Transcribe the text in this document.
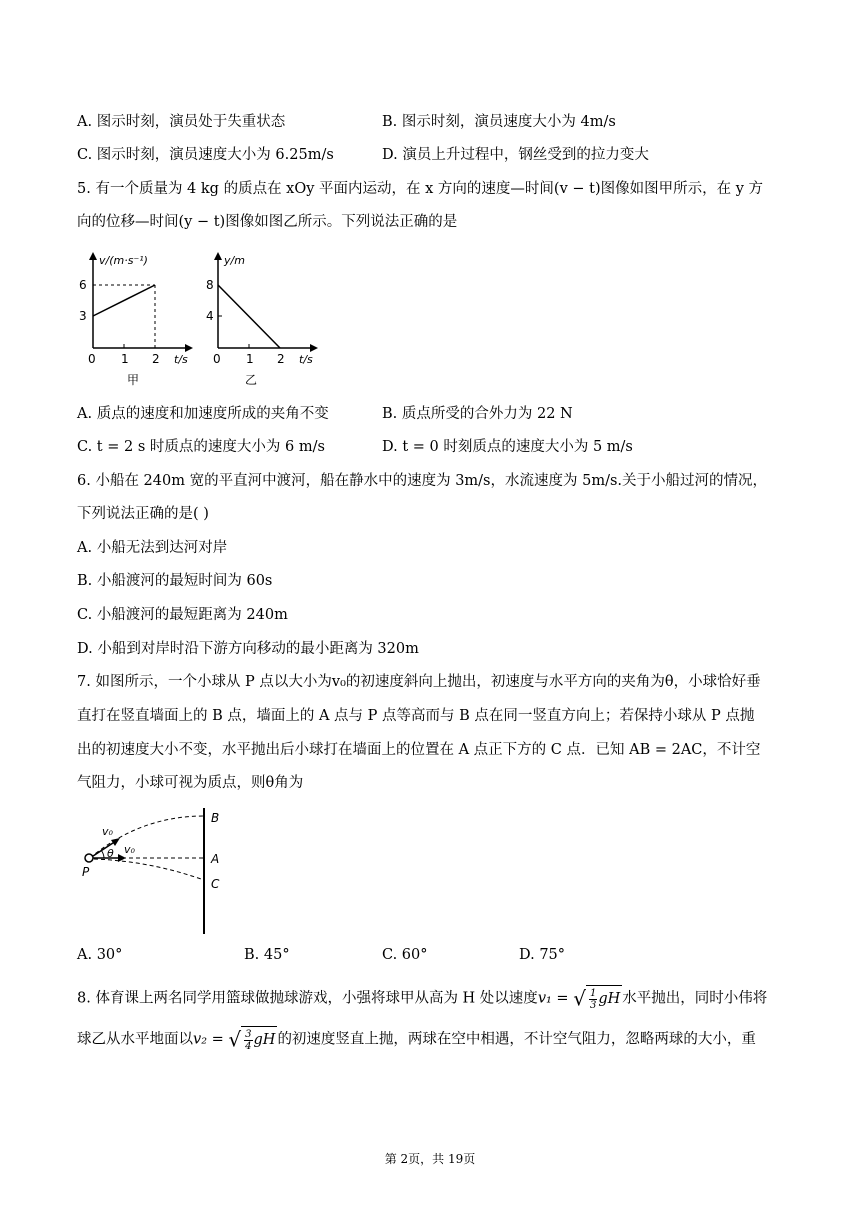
A. 图示时刻，演员处于失重状态	B. 图示时刻，演员速度大小为 4m/s
C. 图示时刻，演员速度大小为 6.25m/s	D. 演员上升过程中，钢丝受到的拉力变大
5. 有一个质量为 4 kg 的质点在 xOy 平面内运动，在 x 方向的速度—时间(v − t)图像如图甲所示，在 y 方
向的位移—时间(y − t)图像如图乙所示。下列说法正确的是
v/(m·s⁻¹)
3
6
0 1 2 t/s
甲
y/m
4
8
0 1 2 t/s
乙
A. 质点的速度和加速度所成的夹角不变	B. 质点所受的合外力为 22 N
C. t = 2 s 时质点的速度大小为 6 m/s	D. t = 0 时刻质点的速度大小为 5 m/s
6. 小船在 240m 宽的平直河中渡河，船在静水中的速度为 3m/s，水流速度为 5m/s.关于小船过河的情况，
下列说法正确的是( )
A. 小船无法到达河对岸
B. 小船渡河的最短时间为 60s
C. 小船渡河的最短距离为 240m
D. 小船到对岸时沿下游方向移动的最小距离为 320m
7. 如图所示，一个小球从 P 点以大小为v₀的初速度斜向上抛出，初速度与水平方向的夹角为θ，小球恰好垂
直打在竖直墙面上的 B 点，墙面上的 A 点与 P 点等高而与 B 点在同一竖直方向上；若保持小球从 P 点抛
出的初速度大小不变，水平抛出后小球打在墙面上的位置在 A 点正下方的 C 点．已知 AB = 2AC，不计空
气阻力，小球可视为质点，则θ角为
B
A
C
P
v₀
v₀
θ
A. 30°	B. 45°	C. 60°	D. 75°
8. 体育课上两名同学用篮球做抛球游戏，小强将球甲从高为 H 处以速度v₁ = √ $\frac{1}{3}$ gH 水平抛出，同时小伟将
球乙从水平地面以v₂ = √ $\frac{3}{4}$ gH 的初速度竖直上抛，两球在空中相遇，不计空气阻力，忽略两球的大小，重
第 2页，共 19页
